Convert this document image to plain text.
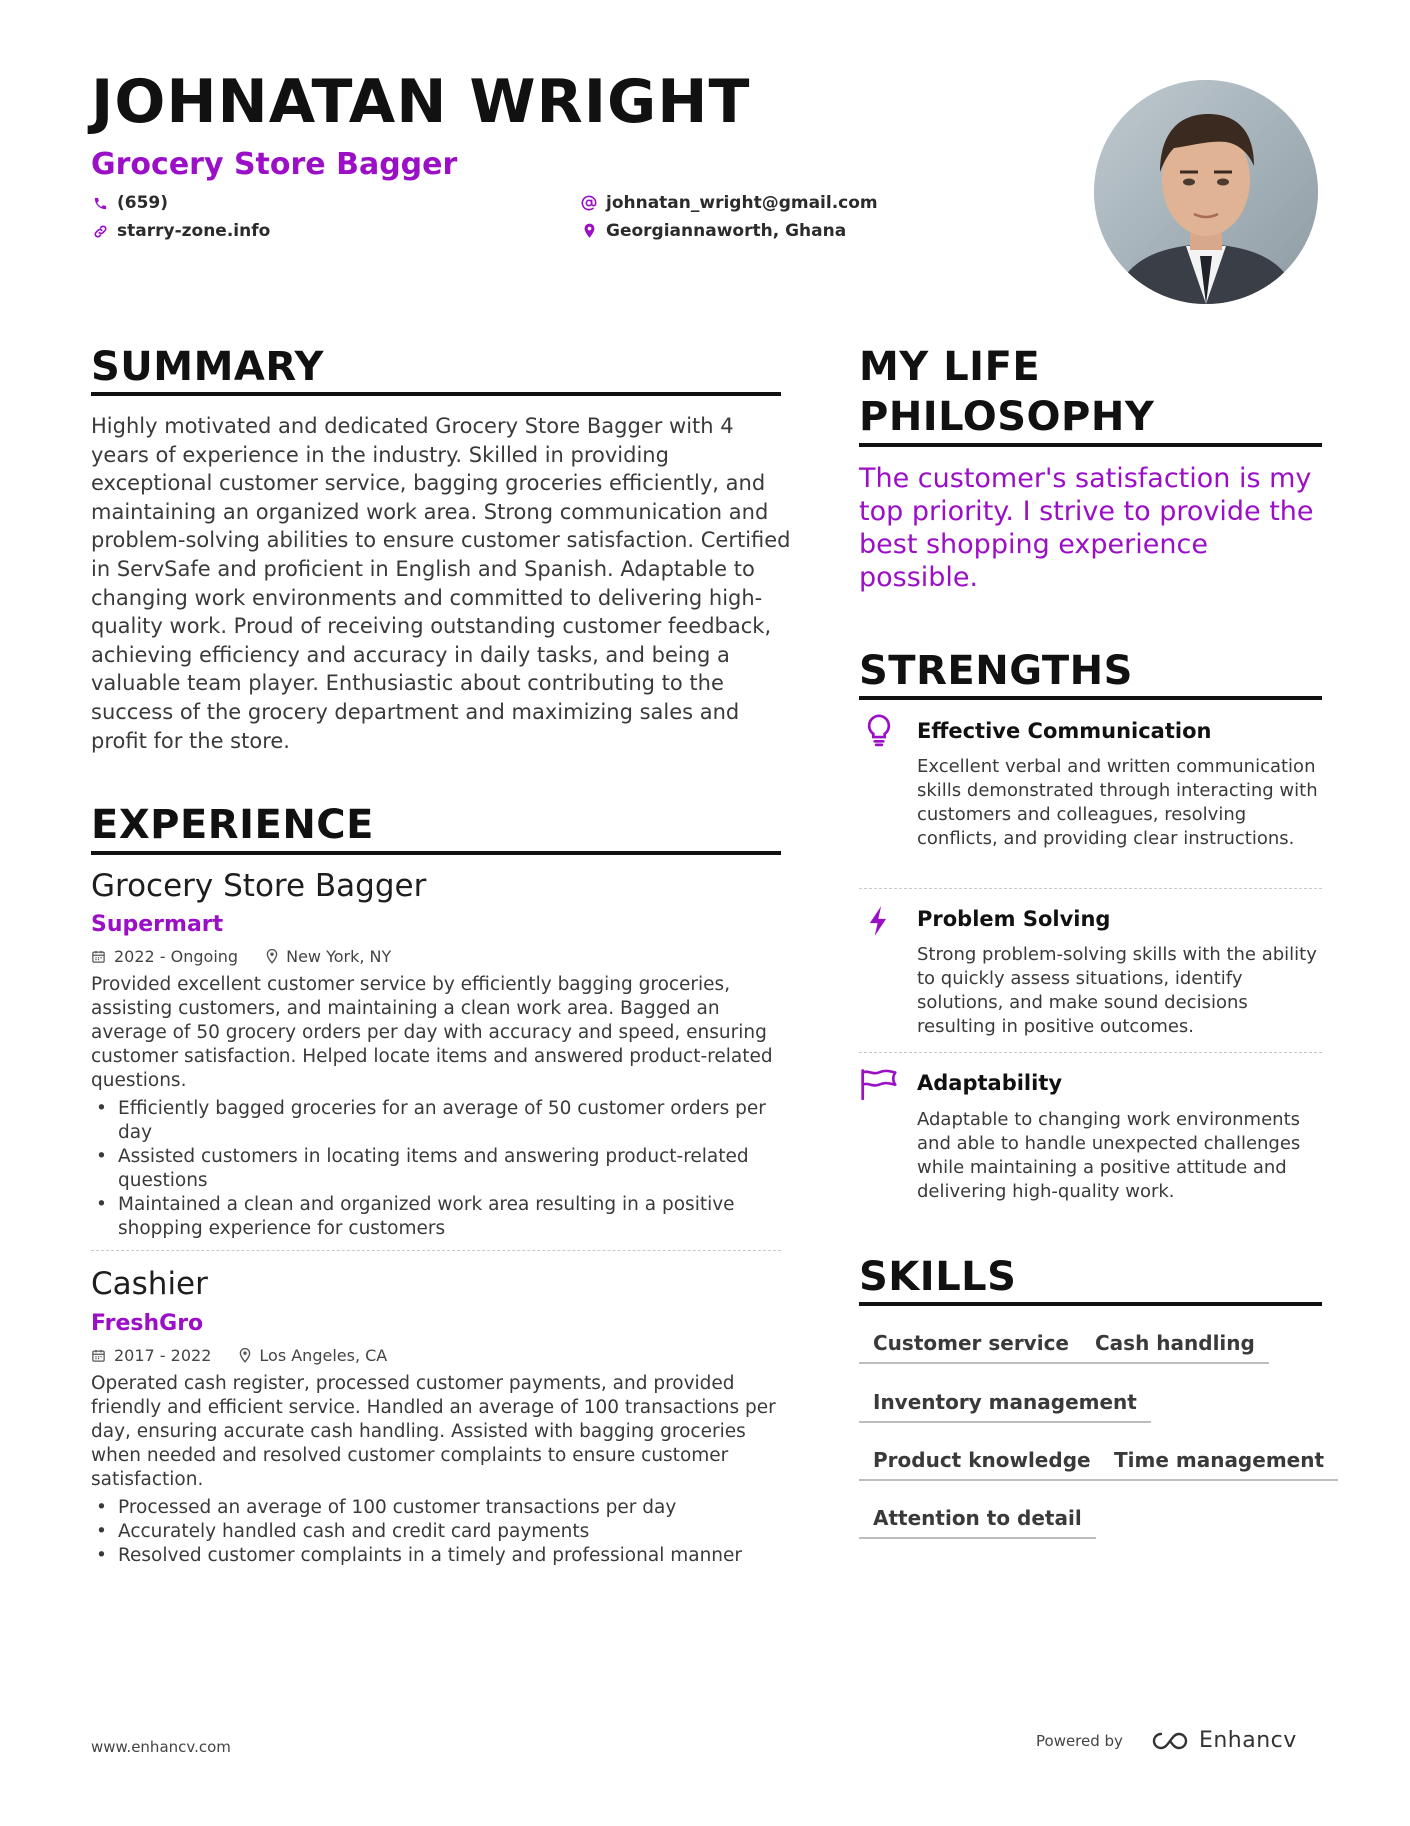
JOHNATAN WRIGHT
Grocery Store Bagger
(659)	johnatan_wright@gmail.com
starry-zone.info	Georgiannaworth, Ghana
SUMMARY

Highly motivated and dedicated Grocery Store Bagger with 4 years of experience in the industry. Skilled in providing exceptional customer service, bagging groceries efficiently, and maintaining an organized work area. Strong communication and problem-solving abilities to ensure customer satisfaction. Certified in ServSafe and proficient in English and Spanish. Adaptable to changing work environments and committed to delivering high-quality work. Proud of receiving outstanding customer feedback, achieving efficiency and accuracy in daily tasks, and being a valuable team player. Enthusiastic about contributing to the success of the grocery department and maximizing sales and profit for the store.

EXPERIENCE
Grocery Store Bagger
Supermart
2022 - Ongoing	New York, NY

Provided excellent customer service by efficiently bagging groceries, assisting customers, and maintaining a clean work area. Bagged an average of 50 grocery orders per day with accuracy and speed, ensuring customer satisfaction. Helped locate items and answered product-related questions.

• Efficiently bagged groceries for an average of 50 customer orders per day
• Assisted customers in locating items and answering product-related questions
• Maintained a clean and organized work area resulting in a positive shopping experience for customers
Cashier
FreshGro
2017 - 2022	Los Angeles, CA

Operated cash register, processed customer payments, and provided friendly and efficient service. Handled an average of 100 transactions per day, ensuring accurate cash handling. Assisted with bagging groceries when needed and resolved customer complaints to ensure customer satisfaction.

• Processed an average of 100 customer transactions per day
• Accurately handled cash and credit card payments
• Resolved customer complaints in a timely and professional manner
MY LIFE
PHILOSOPHY

The customer's satisfaction is my top priority. I strive to provide the best shopping experience possible.

STRENGTHS
Effective Communication

Excellent verbal and written communication skills demonstrated through interacting with customers and colleagues, resolving conflicts, and providing clear instructions.

Problem Solving

Strong problem-solving skills with the ability to quickly assess situations, identify solutions, and make sound decisions resulting in positive outcomes.

Adaptability

Adaptable to changing work environments and able to handle unexpected challenges while maintaining a positive attitude and delivering high-quality work.

SKILLS
Customer service	Cash handling
Inventory management
Product knowledge	Time management
Attention to detail
www.enhancv.com	Powered by	Enhancv
